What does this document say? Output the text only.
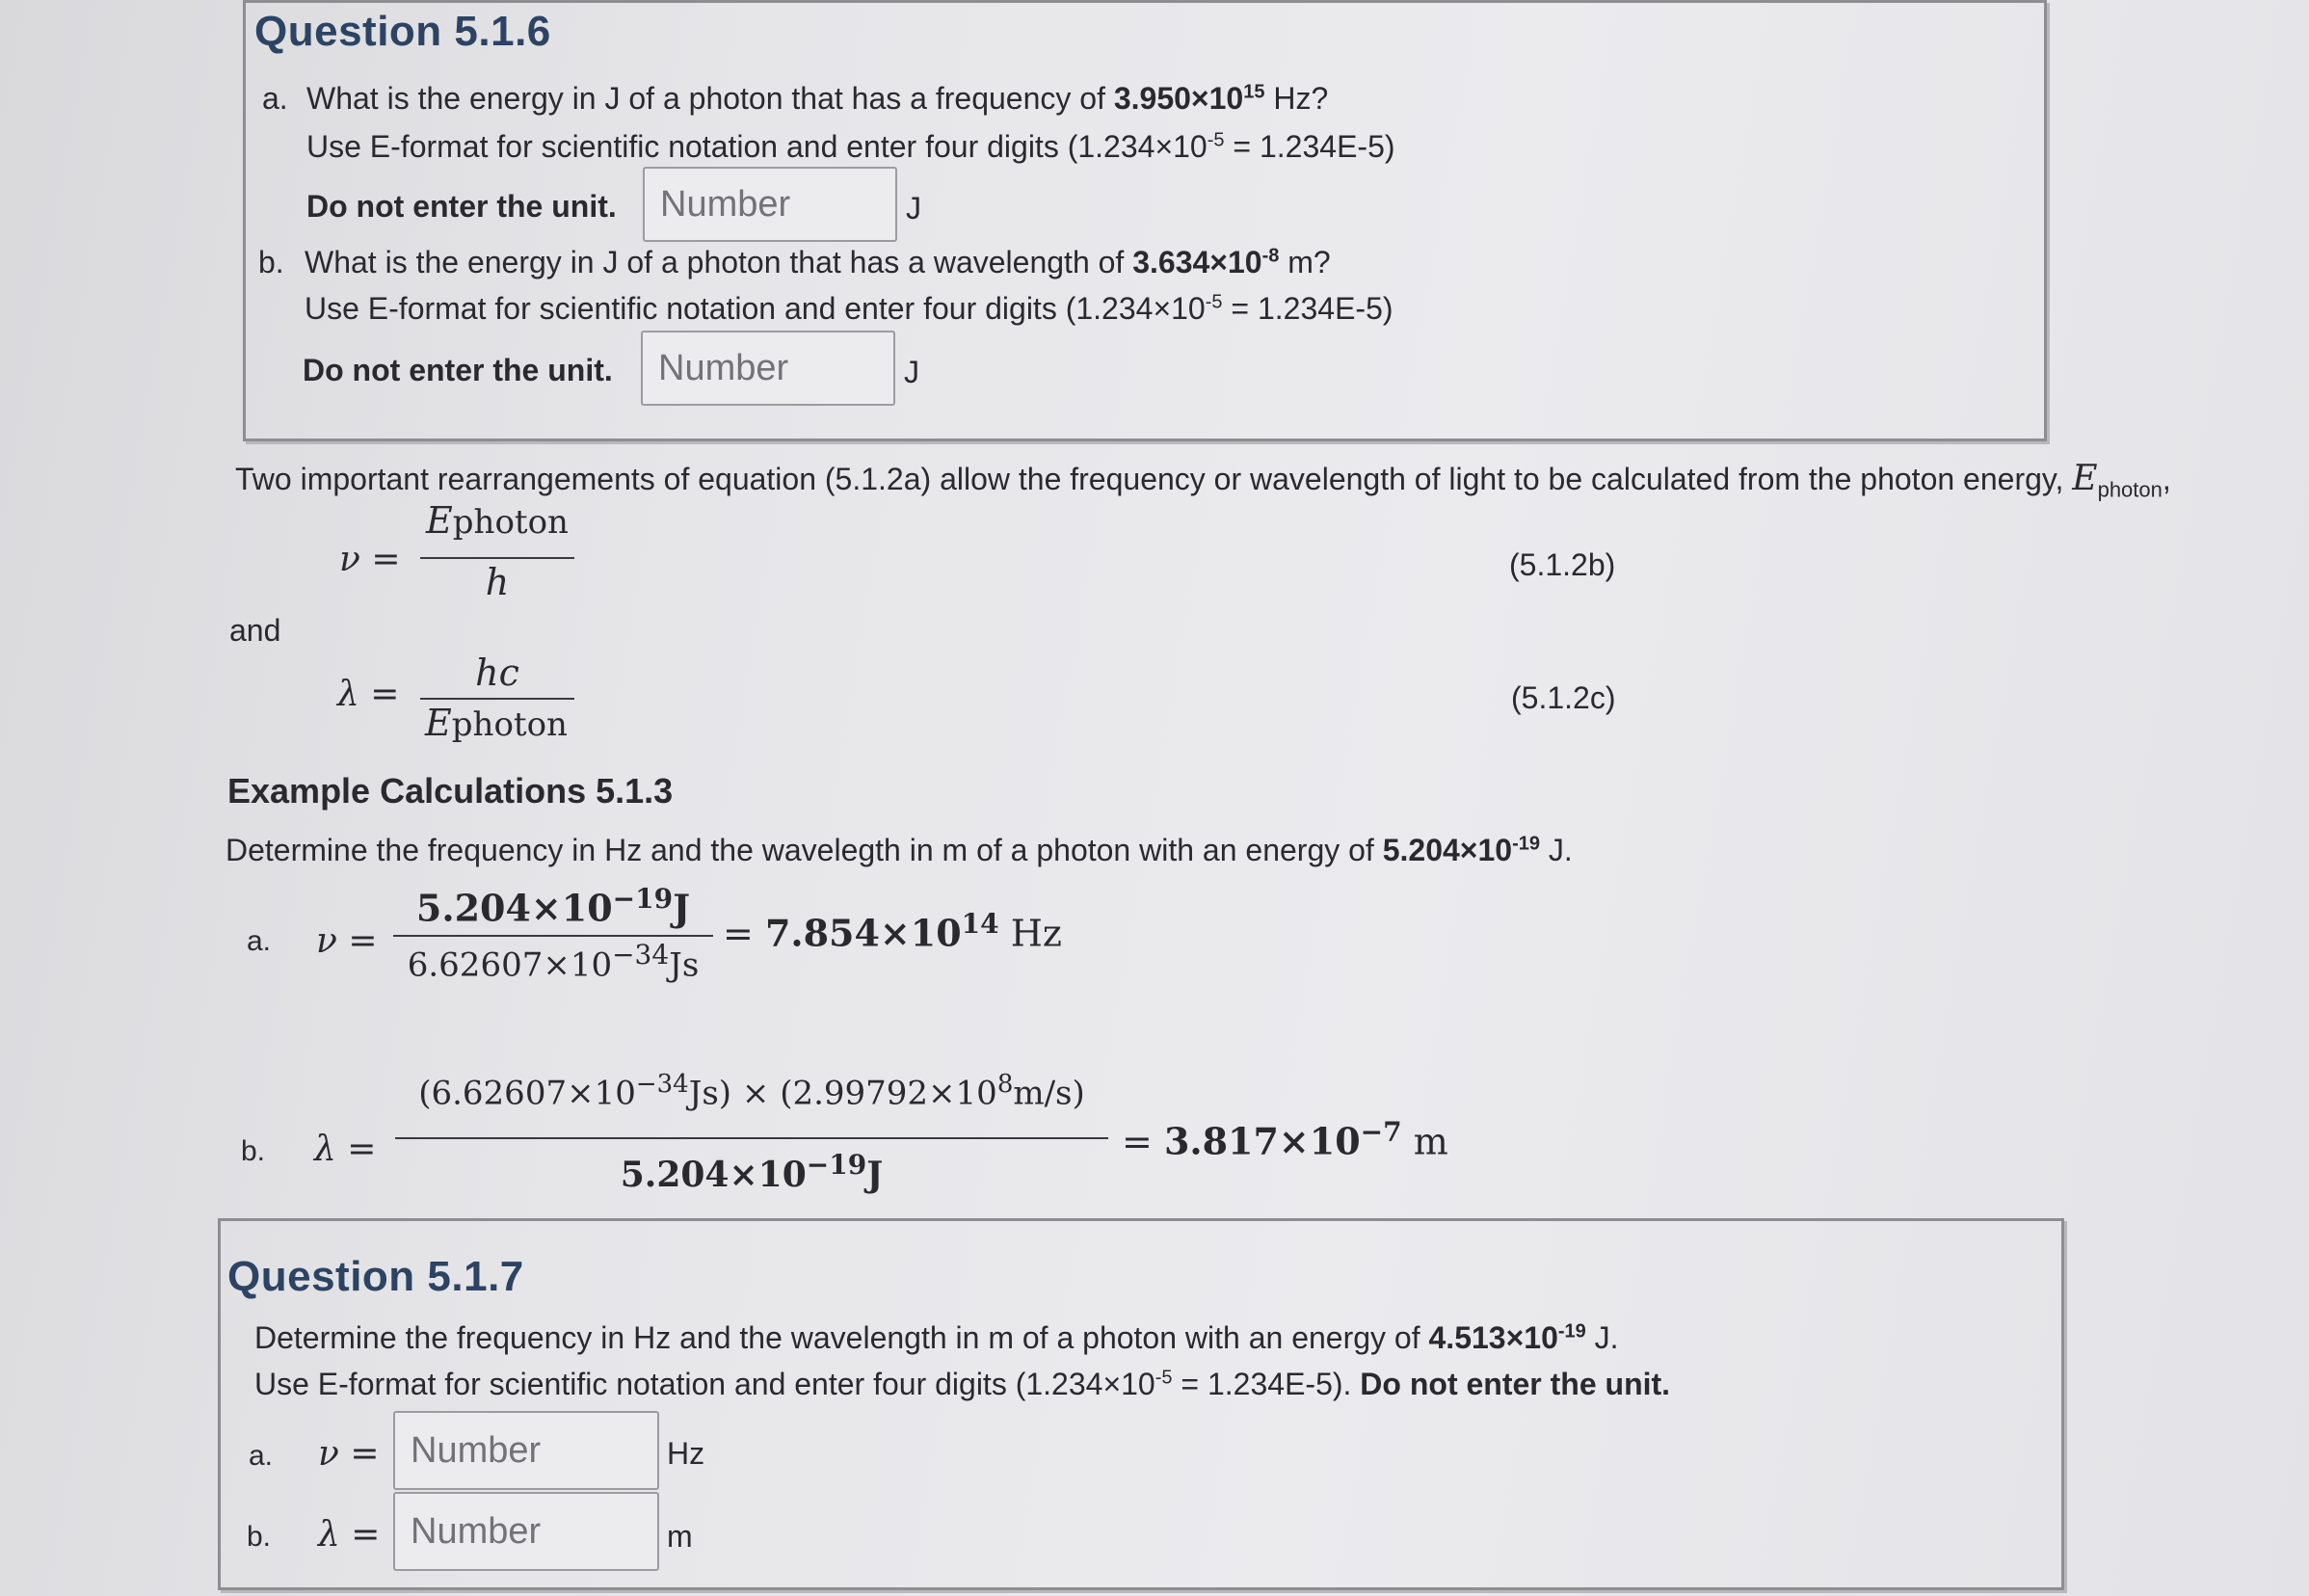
Question 5.1.6
a. What is the energy in J of a photon that has a frequency of $3.950\times 10^{15}$ Hz?
Use E-format for scientific notation and enter four digits $(1.234\times 10^{-5} = 1.234E-5)$
Do not enter the unit.	Number	J
b. What is the energy in J of a photon that has a wavelength of $3.634\times 10^{-8}$ m?
Use E-format for scientific notation and enter four digits $(1.234\times 10^{-5} = 1.234E-5)$
Do not enter the unit.	Number	J
Two important rearrangements of equation (5.1.2a) allow the frequency or wavelength of light to be calculated from the photon energy, $E_{photon}$,
ν =
Ephoton
h	(5.1.2b)
and
λ =
hc
Ephoton
(5.1.2c)
Example Calculations 5.1.3
Determine the frequency in Hz and the wavelegth in m of a photon with an energy of $5.204\times 10^{-19}$ J.
a. ν =
$5.204\times 10^{-19}J$
$6.62607\times 10^{-34}Js$
= $7.854\times 10^{14}$ Hz
b. λ =
$(6.62607\times 10^{-34}Js) \times (2.99792\times 10^8m/s)$
$5.204\times 10^{-19}J$
= $3.817\times 10^{-7}$ m
Question 5.1.7
Determine the frequency in Hz and the wavelength in m of a photon with an energy of $4.513\times 10^{-19}$ J.
Use E-format for scientific notation and enter four digits $(1.234\times 10^{-5} = 1.234E-5)$. Do not enter the unit.
a. ν = Number	Hz
b. λ = Number	m
